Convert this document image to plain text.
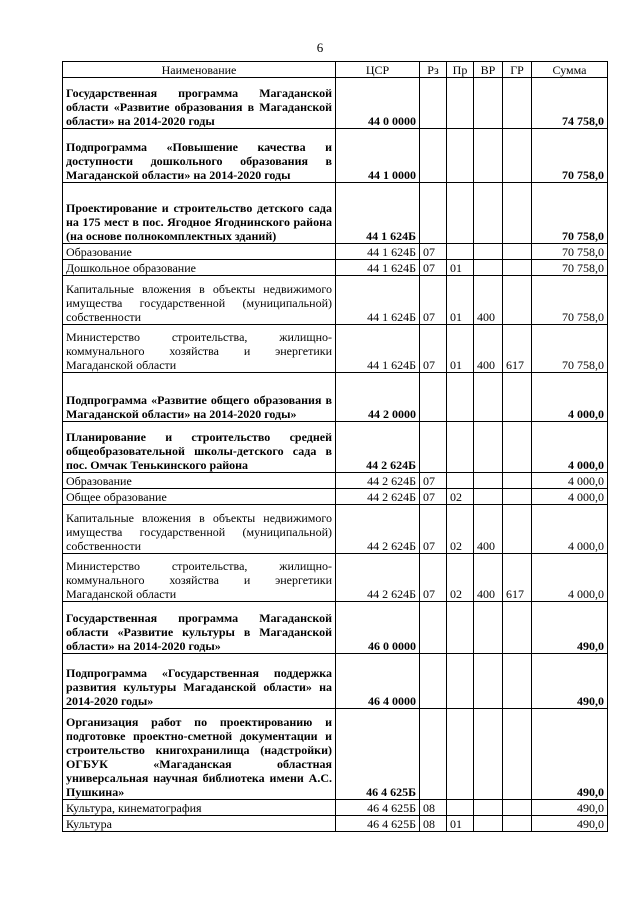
6
Наименование	ЦСР	Рз	Пр	ВР	ГР	Сумма
Государственная программа Магаданской области «Развитие образования в Магаданской области» на 2014-2020 годы	44 0 0000					74 758,0
Подпрограмма «Повышение качества и доступности дошкольного образования в Магаданской области» на 2014-2020 годы	44 1 0000					70 758,0
Проектирование и строительство детского сада на 175 мест в пос. Ягодное Ягоднинского района (на основе полнокомплектных зданий)	44 1 624Б					70 758,0
Образование	44 1 624Б	07				70 758,0
Дошкольное образование	44 1 624Б	07	01			70 758,0
Капитальные вложения в объекты недвижимого имущества государственной (муниципальной) собственности	44 1 624Б	07	01	400		70 758,0
Министерство строительства, жилищно-коммунального хозяйства и энергетики Магаданской области	44 1 624Б	07	01	400	617	70 758,0
Подпрограмма «Развитие общего образования в Магаданской области» на 2014-2020 годы»	44 2 0000					4 000,0
Планирование и строительство средней общеобразовательной школы-детского сада в пос. Омчак Тенькинского района	44 2 624Б					4 000,0
Образование	44 2 624Б	07				4 000,0
Общее образование	44 2 624Б	07	02			4 000,0
Капитальные вложения в объекты недвижимого имущества государственной (муниципальной) собственности	44 2 624Б	07	02	400		4 000,0
Министерство строительства, жилищно-коммунального хозяйства и энергетики Магаданской области	44 2 624Б	07	02	400	617	4 000,0
Государственная программа Магаданской области «Развитие культуры в Магаданской области» на 2014-2020 годы»	46 0 0000					490,0
Подпрограмма «Государственная поддержка развития культуры Магаданской области» на 2014-2020 годы»	46 4 0000					490,0
Организация работ по проектированию и подготовке проектно-сметной документации и строительство книгохранилища (надстройки) ОГБУК «Магаданская областная универсальная научная библиотека имени А.С. Пушкина»	46 4 625Б					490,0
Культура, кинематография	46 4 625Б	08				490,0
Культура	46 4 625Б	08	01			490,0
